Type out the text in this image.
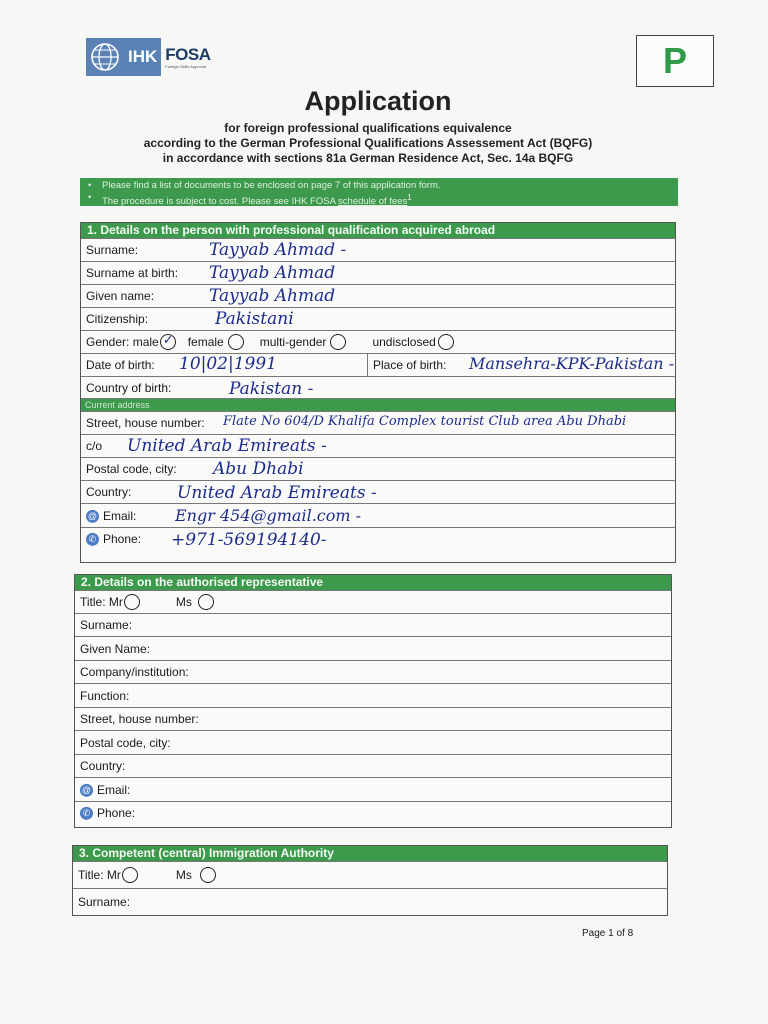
IHK FOSA
Foreign Skills Approval	P
Application
for foreign professional qualifications equivalence
according to the German Professional Qualifications Assessement Act (BQFG)
in accordance with sections 81a German Residence Act, Sec. 14a BQFG
• Please find a list of documents to be enclosed on page 7 of this application form.
• The procedure is subject to cost. Please see IHK FOSA schedule of fees$^1$
1. Details on the person with professional qualification acquired abroad
Surname:	Tayyab Ahmad -
Surname at birth: Tayyab Ahmad
Given name:	Tayyab Ahmad
Citizenship:	Pakistani
Gender: male
✓ female	multi-gender	undisclosed
Date of birth: 10|02|1991	Place of birth: Mansehra-KPK-Pakistan -
Country of birth:	Pakistan -
Current address
Street, house number: Flate No 604/D Khalifa Complex tourist Club area Abu Dhabi
c/o United Arab Emireats -
Postal code, city: Abu Dhabi
Country:	United Arab Emireats -
@ Email: Engr 454@gmail.com -
✆ Phone: +971-569194140-
2. Details on the authorised representative
Title: Mr	Ms
Surname:
Given Name:
Company/institution:
Function:
Street, house number:
Postal code, city:
Country:
@ Email:
✆ Phone:
3. Competent (central) Immigration Authority
Title: Mr	Ms
Surname:
Page 1 of 8
